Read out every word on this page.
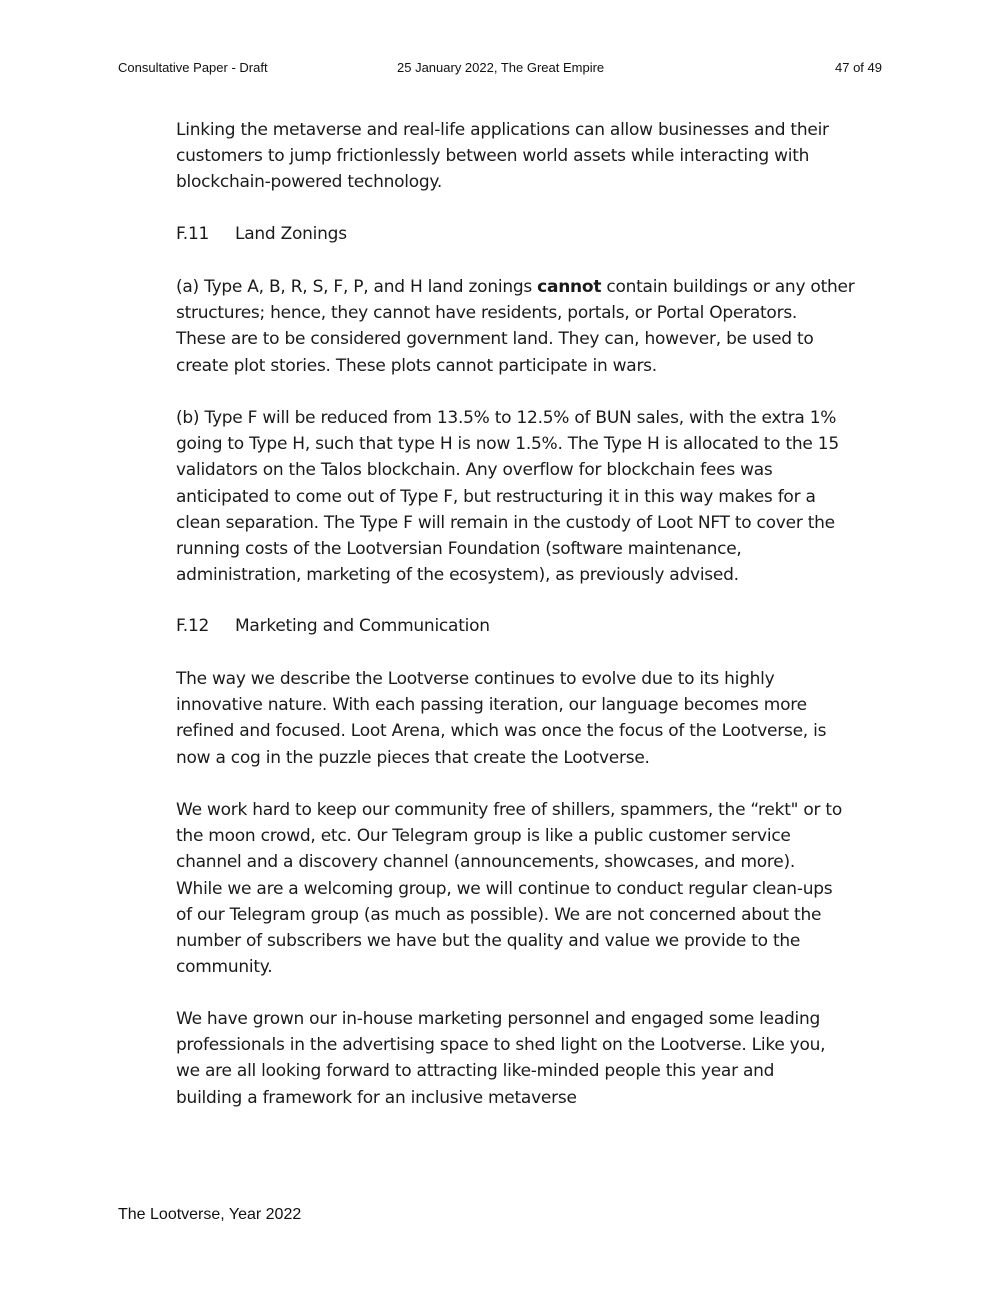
Consultative Paper - Draft	25 January 2022, The Great Empire	47 of 49
Linking the metaverse and real-life applications can allow businesses and their
customers to jump frictionlessly between world assets while interacting with
blockchain-powered technology.
F.11 Land Zonings
(a) Type A, B, R, S, F, P, and H land zonings cannot contain buildings or any other
structures; hence, they cannot have residents, portals, or Portal Operators.
These are to be considered government land. They can, however, be used to
create plot stories. These plots cannot participate in wars.
(b) Type F will be reduced from 13.5% to 12.5% of BUN sales, with the extra 1%
going to Type H, such that type H is now 1.5%. The Type H is allocated to the 15
validators on the Talos blockchain. Any overflow for blockchain fees was
anticipated to come out of Type F, but restructuring it in this way makes for a
clean separation. The Type F will remain in the custody of Loot NFT to cover the
running costs of the Lootversian Foundation (software maintenance,
administration, marketing of the ecosystem), as previously advised.
F.12 Marketing and Communication
The way we describe the Lootverse continues to evolve due to its highly
innovative nature. With each passing iteration, our language becomes more
refined and focused. Loot Arena, which was once the focus of the Lootverse, is
now a cog in the puzzle pieces that create the Lootverse.
We work hard to keep our community free of shillers, spammers, the “rekt" or to
the moon crowd, etc. Our Telegram group is like a public customer service
channel and a discovery channel (announcements, showcases, and more).
While we are a welcoming group, we will continue to conduct regular clean-ups
of our Telegram group (as much as possible). We are not concerned about the
number of subscribers we have but the quality and value we provide to the
community.
We have grown our in-house marketing personnel and engaged some leading
professionals in the advertising space to shed light on the Lootverse. Like you,
we are all looking forward to attracting like-minded people this year and
building a framework for an inclusive metaverse
The Lootverse, Year 2022
